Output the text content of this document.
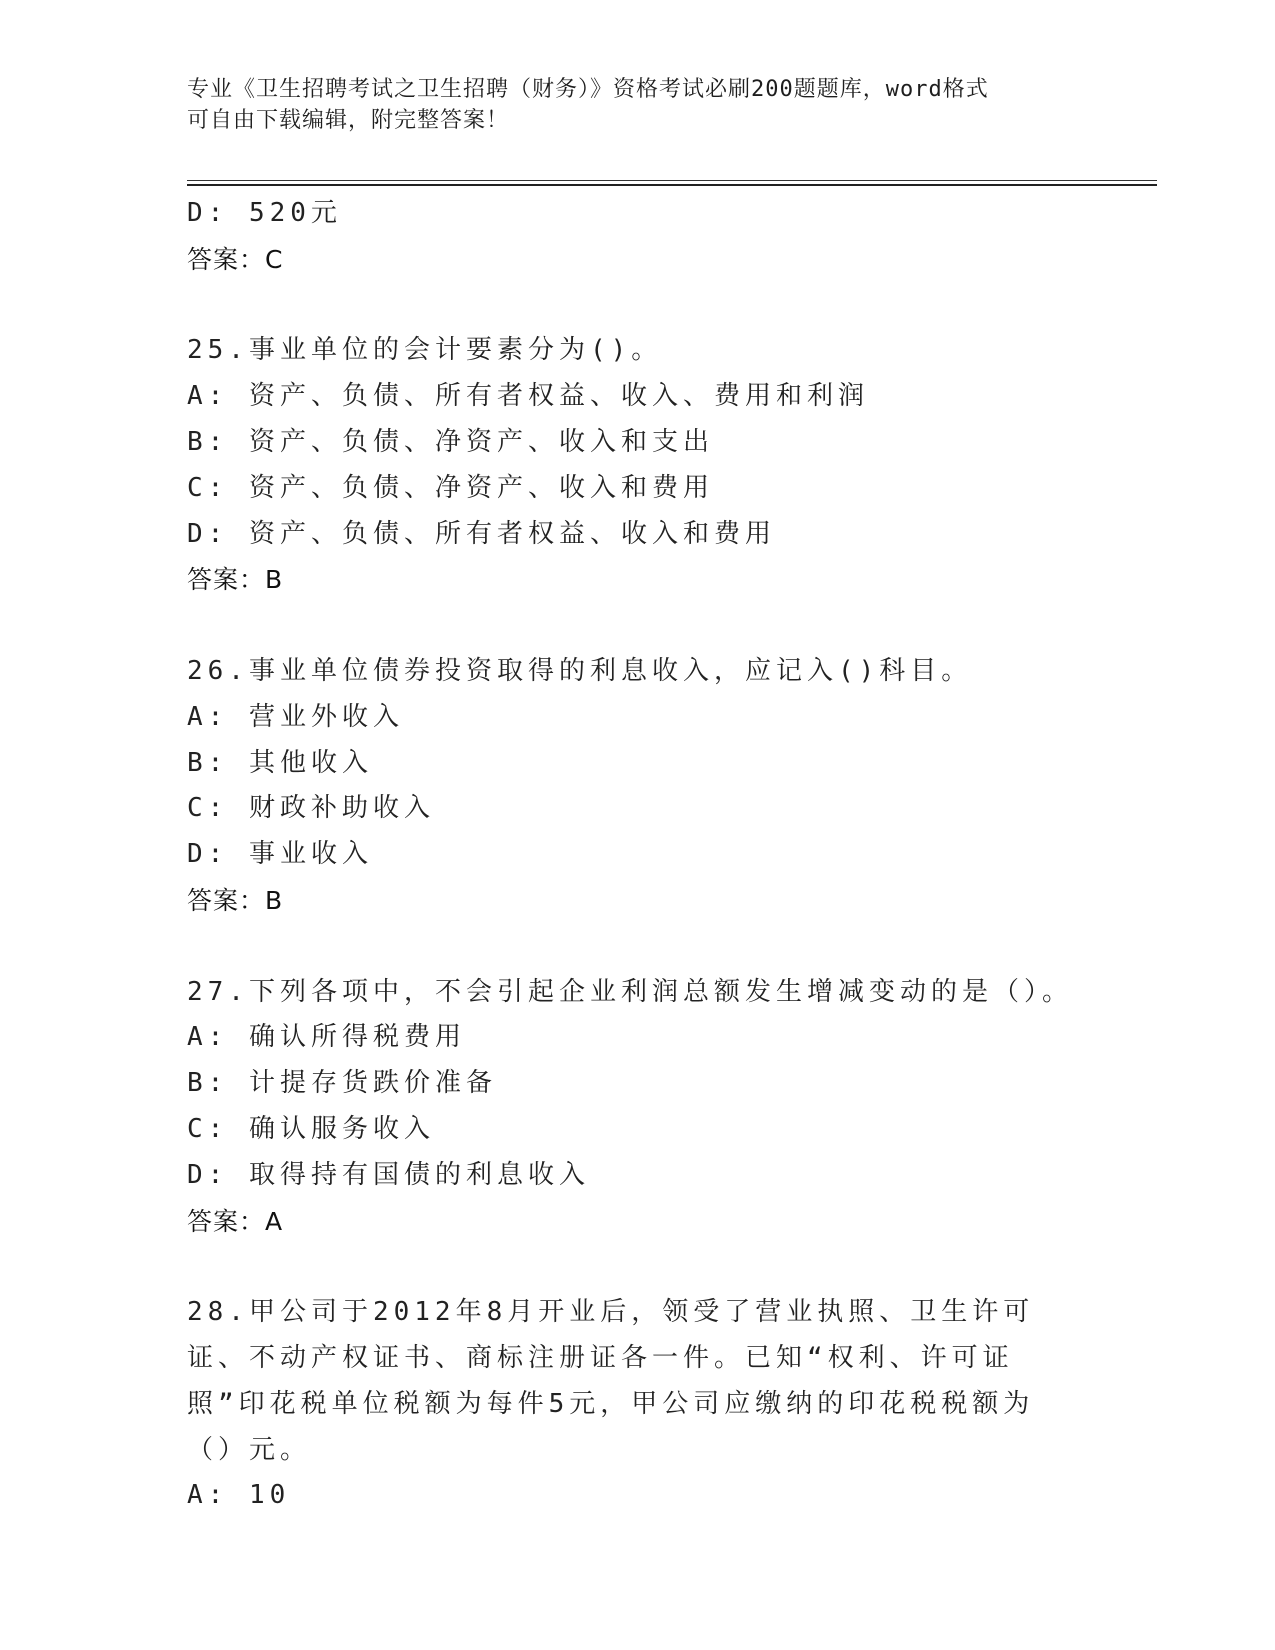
专业《卫生招聘考试之卫生招聘（财务）》资格考试必刷200题题库，word格式
可自由下载编辑，附完整答案！
D: 520元
答案：C
25.事业单位的会计要素分为()。
A: 资产、负债、所有者权益、收入、费用和利润
B: 资产、负债、净资产、收入和支出
C: 资产、负债、净资产、收入和费用
D: 资产、负债、所有者权益、收入和费用
答案：B
26.事业单位债券投资取得的利息收入，应记入()科目。
A: 营业外收入
B: 其他收入
C: 财政补助收入
D: 事业收入
答案：B
27.下列各项中，不会引起企业利润总额发生增减变动的是（）。
A: 确认所得税费用
B: 计提存货跌价准备
C: 确认服务收入
D: 取得持有国债的利息收入
答案：A
28.甲公司于2012年8月开业后，领受了营业执照、卫生许可证、不动产权证书、商标注册证各一件。已知“权利、许可证照”印花税单位税额为每件5元，甲公司应缴纳的印花税税额为（）元。
A: 10
